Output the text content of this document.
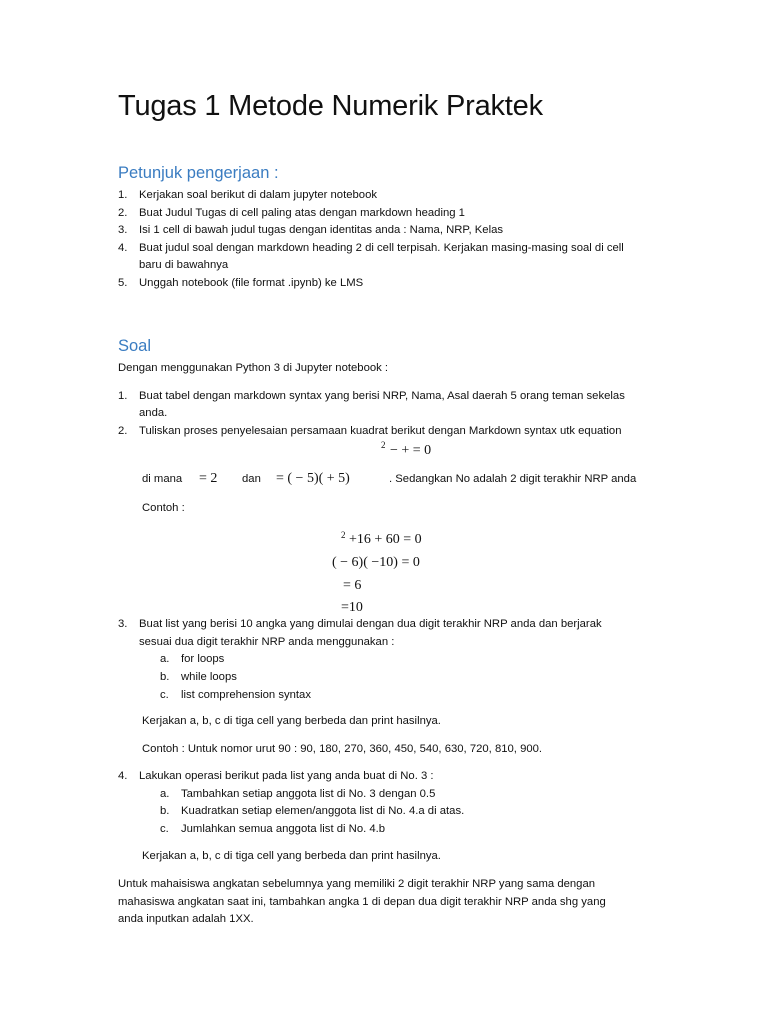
Tugas 1 Metode Numerik Praktek
Petunjuk pengerjaan :
1. Kerjakan soal berikut di dalam jupyter notebook
2. Buat Judul Tugas di cell paling atas dengan markdown heading 1
3. Isi 1 cell di bawah judul tugas dengan identitas anda : Nama, NRP, Kelas
4. Buat judul soal dengan markdown heading 2 di cell terpisah. Kerjakan masing-masing soal di cell
baru di bawahnya
5. Unggah notebook (file format .ipynb) ke LMS
Soal
Dengan menggunakan Python 3 di Jupyter notebook :
1. Buat tabel dengan markdown syntax yang berisi NRP, Nama, Asal daerah 5 orang teman sekelas
anda.
2. Tuliskan proses penyelesaian persamaan kuadrat berikut dengan Markdown syntax utk equation
2 − + = 0
di mana = 2 dan = ( − 5)( + 5)	. Sedangkan No adalah 2 digit terakhir NRP anda
Contoh :
2 +16 + 60 = 0
( − 6)( −10) = 0
= 6
=10
3. Buat list yang berisi 10 angka yang dimulai dengan dua digit terakhir NRP anda dan berjarak
sesuai dua digit terakhir NRP anda menggunakan :
a. for loops
b. while loops
c. list comprehension syntax
Kerjakan a, b, c di tiga cell yang berbeda dan print hasilnya.
Contoh : Untuk nomor urut 90 : 90, 180, 270, 360, 450, 540, 630, 720, 810, 900.
4. Lakukan operasi berikut pada list yang anda buat di No. 3 :
a. Tambahkan setiap anggota list di No. 3 dengan 0.5
b. Kuadratkan setiap elemen/anggota list di No. 4.a di atas.
c. Jumlahkan semua anggota list di No. 4.b
Kerjakan a, b, c di tiga cell yang berbeda dan print hasilnya.
Untuk mahaisiswa angkatan sebelumnya yang memiliki 2 digit terakhir NRP yang sama dengan
mahasiswa angkatan saat ini, tambahkan angka 1 di depan dua digit terakhir NRP anda shg yang
anda inputkan adalah 1XX.
